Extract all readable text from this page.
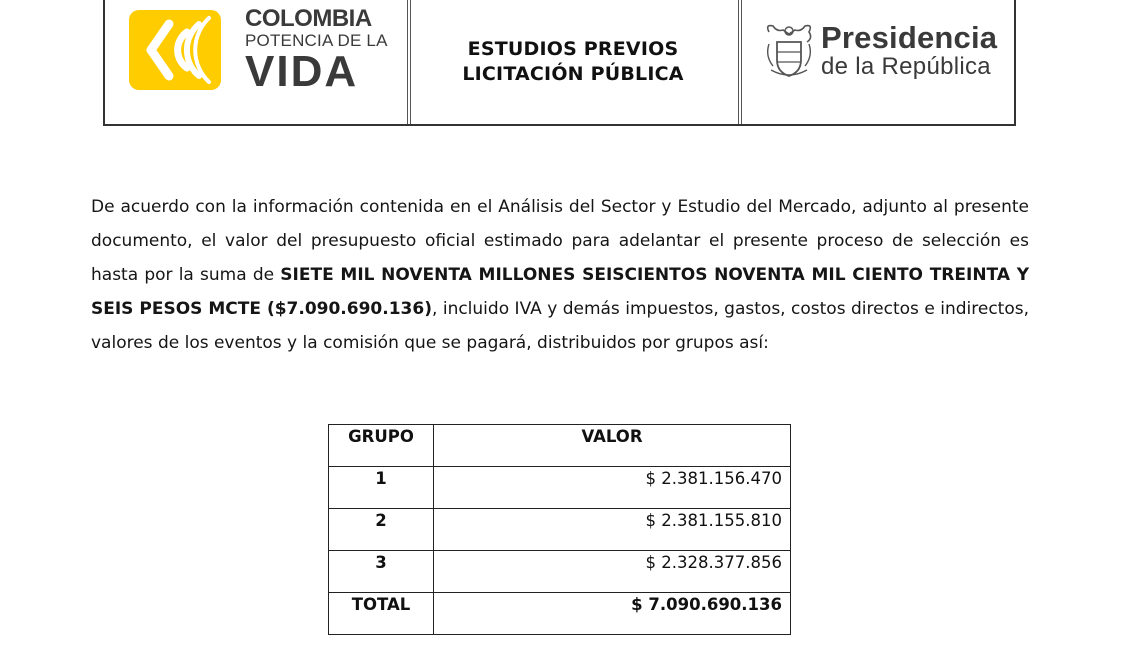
COLOMBIA
POTENCIA DE LA
VIDA	ESTUDIOS PREVIOS
LICITACIÓN PÚBLICA
Presidencia
de la República

De acuerdo con la información contenida en el Análisis del Sector y Estudio del Mercado, adjunto al presente documento, el valor del presupuesto oficial estimado para adelantar el presente proceso de selección es hasta por la suma de SIETE MIL NOVENTA MILLONES SEISCIENTOS NOVENTA MIL CIENTO TREINTA Y SEIS PESOS MCTE ($7.090.690.136), incluido IVA y demás impuestos, gastos, costos directos e indirectos, valores de los eventos y la comisión que se pagará, distribuidos por grupos así:

GRUPO	VALOR
1	$ 2.381.156.470
2	$ 2.381.155.810
3	$ 2.328.377.856
TOTAL	$ 7.090.690.136
